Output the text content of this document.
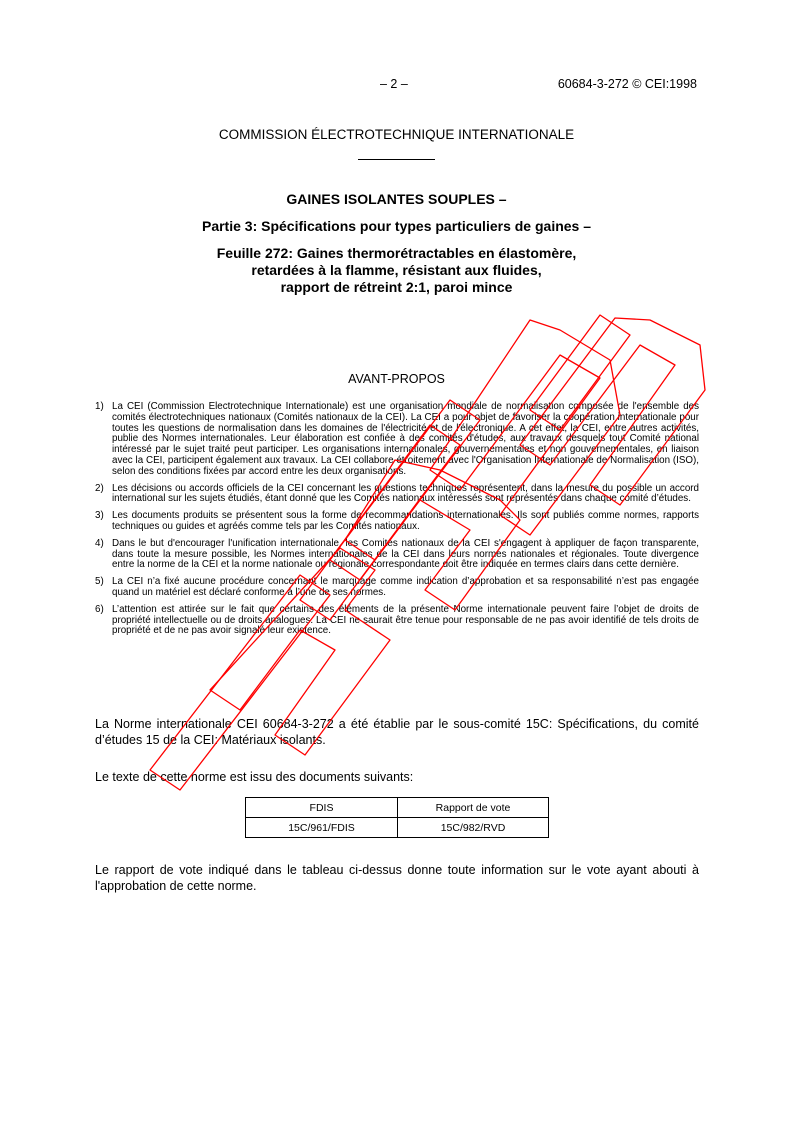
– 2 –	60684-3-272 © CEI:1998
COMMISSION ÉLECTROTECHNIQUE INTERNATIONALE
GAINES ISOLANTES SOUPLES –
Partie 3: Spécifications pour types particuliers de gaines –
Feuille 272: Gaines thermorétractables en élastomère,
retardées à la flamme, résistant aux fluides,
rapport de rétreint 2:1, paroi mince
AVANT-PROPOS
1) La CEI (Commission Electrotechnique Internationale) est une organisation mondiale de normalisation composée de l'ensemble des comités électrotechniques nationaux (Comités nationaux de la CEI). La CEI a pour objet de favoriser la coopération internationale pour toutes les questions de normalisation dans les domaines de l'électricité et de l'électronique. A cet effet, la CEI, entre autres activités, publie des Normes internationales. Leur élaboration est confiée à des comités d'études, aux travaux desquels tout Comité national intéressé par le sujet traité peut participer. Les organisations internationales, gouvernementales et non gouvernementales, en liaison avec la CEI, participent également aux travaux. La CEI collabore étroitement avec l'Organisation Internationale de Normalisation (ISO), selon des conditions fixées par accord entre les deux organisations.
2) Les décisions ou accords officiels de la CEI concernant les questions techniques représentent, dans la mesure du possible un accord international sur les sujets étudiés, étant donné que les Comités nationaux intéressés sont représentés dans chaque comité d’études.
3) Les documents produits se présentent sous la forme de recommandations internationales. Ils sont publiés comme normes, rapports techniques ou guides et agréés comme tels par les Comités nationaux.
4) Dans le but d'encourager l'unification internationale, les Comités nationaux de la CEI s'engagent à appliquer de façon transparente, dans toute la mesure possible, les Normes internationales de la CEI dans leurs normes nationales et régionales. Toute divergence entre la norme de la CEI et la norme nationale ou régionale correspondante doit être indiquée en termes clairs dans cette dernière.
5) La CEI n’a fixé aucune procédure concernant le marquage comme indication d’approbation et sa responsabilité n’est pas engagée quand un matériel est déclaré conforme à l’une de ses normes.
6) L’attention est attirée sur le fait que certains des éléments de la présente Norme internationale peuvent faire l’objet de droits de propriété intellectuelle ou de droits analogues. La CEI ne saurait être tenue pour responsable de ne pas avoir identifié de tels droits de propriété et de ne pas avoir signalé leur existence.
La Norme internationale CEI 60684-3-272 a été établie par le sous-comité 15C: Spécifications, du comité d’études 15 de la CEI: Matériaux isolants.
Le texte de cette norme est issu des documents suivants:
FDIS	Rapport de vote
15C/961/FDIS	15C/982/RVD
Le rapport de vote indiqué dans le tableau ci-dessus donne toute information sur le vote ayant abouti à l'approbation de cette norme.
